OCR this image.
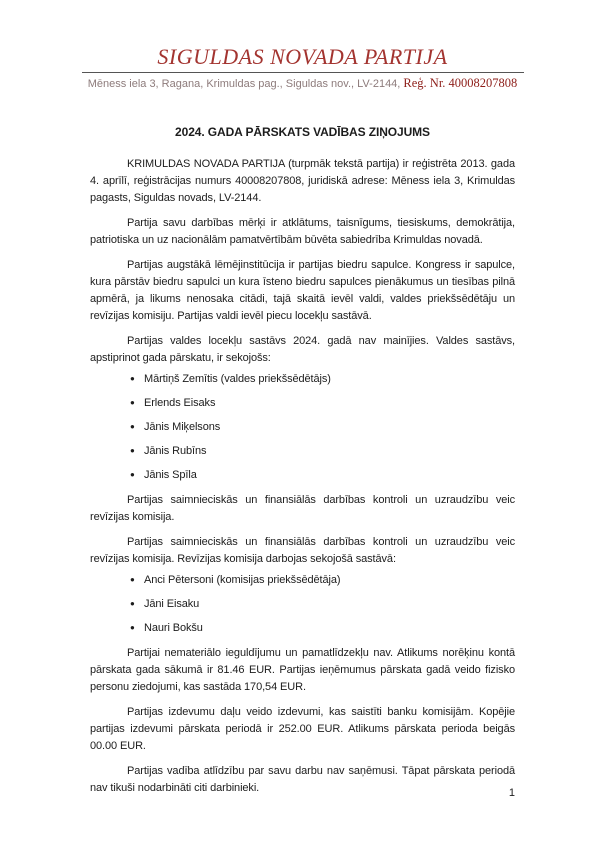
SIGULDAS NOVADA PARTIJA
Mēness iela 3, Ragana, Krimuldas pag., Siguldas nov., LV-2144, Reģ. Nr. 40008207808
2024. GADA PĀRSKATS VADĪBAS ZIŅOJUMS

KRIMULDAS NOVADA PARTIJA (turpmāk tekstā partija) ir reģistrēta 2013. gada 4. aprīlī, reģistrācijas numurs 40008207808, juridiskā adrese: Mēness iela 3, Krimuldas pagasts, Siguldas novads, LV-2144.

Partija savu darbības mērķi ir atklātums, taisnīgums, tiesiskums, demokrātija, patriotiska un uz nacionālām pamatvērtībām būvēta sabiedrība Krimuldas novadā.

Partijas augstākā lēmējinstitūcija ir partijas biedru sapulce. Kongress ir sapulce, kura pārstāv biedru sapulci un kura īsteno biedru sapulces pienākumus un tiesības pilnā apmērā, ja likums nenosaka citādi, tajā skaitā ievēl valdi, valdes priekšsēdētāju un revīzijas komisiju. Partijas valdi ievēl piecu locekļu sastāvā.

Partijas valdes locekļu sastāvs 2024. gadā nav mainījies. Valdes sastāvs, apstiprinot gada pārskatu, ir sekojošs:

● Mārtiņš Zemītis (valdes priekšsēdētājs)
● Erlends Eisaks
● Jānis Miķelsons
● Jānis Rubīns
● Jānis Spīla

Partijas saimnieciskās un finansiālās darbības kontroli un uzraudzību veic revīzijas komisija.

Partijas saimnieciskās un finansiālās darbības kontroli un uzraudzību veic revīzijas komisija. Revīzijas komisija darbojas sekojošā sastāvā:

● Anci Pētersoni (komisijas priekšsēdētāja)
● Jāni Eisaku
● Nauri Bokšu

Partijai nemateriālo ieguldījumu un pamatlīdzekļu nav. Atlikums norēķinu kontā pārskata gada sākumā ir 81.46 EUR. Partijas ieņēmumus pārskata gadā veido fizisko personu ziedojumi, kas sastāda 170,54 EUR.

Partijas izdevumu daļu veido izdevumi, kas saistīti banku komisijām. Kopējie partijas izdevumi pārskata periodā ir 252.00 EUR. Atlikums pārskata perioda beigās 00.00 EUR.

Partijas vadība atlīdzību par savu darbu nav saņēmusi. Tāpat pārskata periodā nav tikuši nodarbināti citi darbinieki.	1
